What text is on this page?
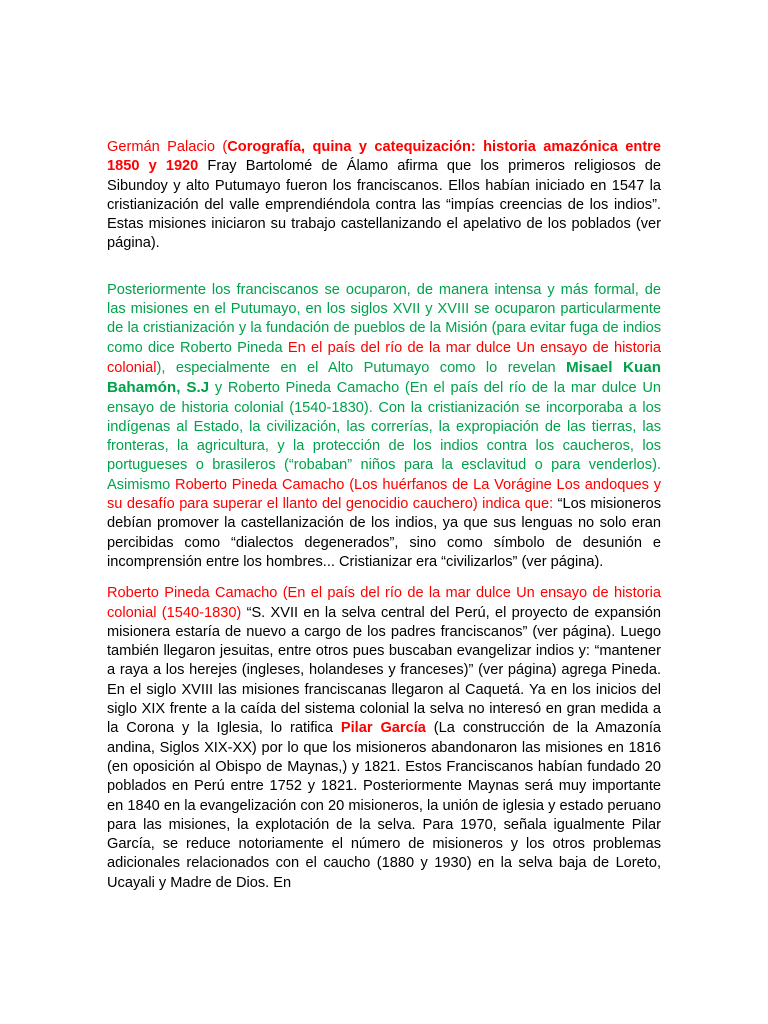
Germán Palacio (Corografía, quina y catequización: historia amazónica entre 1850 y 1920 Fray Bartolomé de Álamo afirma que los primeros religiosos de Sibundoy y alto Putumayo fueron los franciscanos. Ellos habían iniciado en 1547 la cristianización del valle emprendiéndola contra las “impías creencias de los indios”. Estas misiones iniciaron su trabajo castellanizando el apelativo de los poblados (ver página).

Posteriormente los franciscanos se ocuparon, de manera intensa y más formal, de las misiones en el Putumayo, en los siglos XVII y XVIII se ocuparon particularmente de la cristianización y la fundación de pueblos de la Misión (para evitar fuga de indios como dice Roberto Pineda En el país del río de la mar dulce Un ensayo de historia colonial), especialmente en el Alto Putumayo como lo revelan Misael Kuan Bahamón, S.J y Roberto Pineda Camacho (En el país del río de la mar dulce Un ensayo de historia colonial (1540-1830). Con la cristianización se incorporaba a los indígenas al Estado, la civilización, las correrías, la expropiación de las tierras, las fronteras, la agricultura, y la protección de los indios contra los caucheros, los portugueses o brasileros (“robaban” niños para la esclavitud o para venderlos). Asimismo Roberto Pineda Camacho (Los huérfanos de La Vorágine Los andoques y su desafío para superar el llanto del genocidio cauchero) indica que: “Los misioneros debían promover la castellanización de los indios, ya que sus lenguas no solo eran percibidas como “dialectos degenerados”, sino como símbolo de desunión e incomprensión entre los hombres... Cristianizar era “civilizarlos” (ver página).

Roberto Pineda Camacho (En el país del río de la mar dulce Un ensayo de historia colonial (1540-1830) “S. XVII en la selva central del Perú, el proyecto de expansión misionera estaría de nuevo a cargo de los padres franciscanos” (ver página). Luego también llegaron jesuitas, entre otros pues buscaban evangelizar indios y: “mantener a raya a los herejes (ingleses, holandeses y franceses)” (ver página) agrega Pineda. En el siglo XVIII las misiones franciscanas llegaron al Caquetá. Ya en los inicios del siglo XIX frente a la caída del sistema colonial la selva no interesó en gran medida a la Corona y la Iglesia, lo ratifica Pilar García (La construcción de la Amazonía andina, Siglos XIX-XX) por lo que los misioneros abandonaron las misiones en 1816 (en oposición al Obispo de Maynas,) y 1821. Estos Franciscanos habían fundado 20 poblados en Perú entre 1752 y 1821. Posteriormente Maynas será muy importante en 1840 en la evangelización con 20 misioneros, la unión de iglesia y estado peruano para las misiones, la explotación de la selva. Para 1970, señala igualmente Pilar García, se reduce notoriamente el número de misioneros y los otros problemas adicionales relacionados con el caucho (1880 y 1930) en la selva baja de Loreto, Ucayali y Madre de Dios. En
